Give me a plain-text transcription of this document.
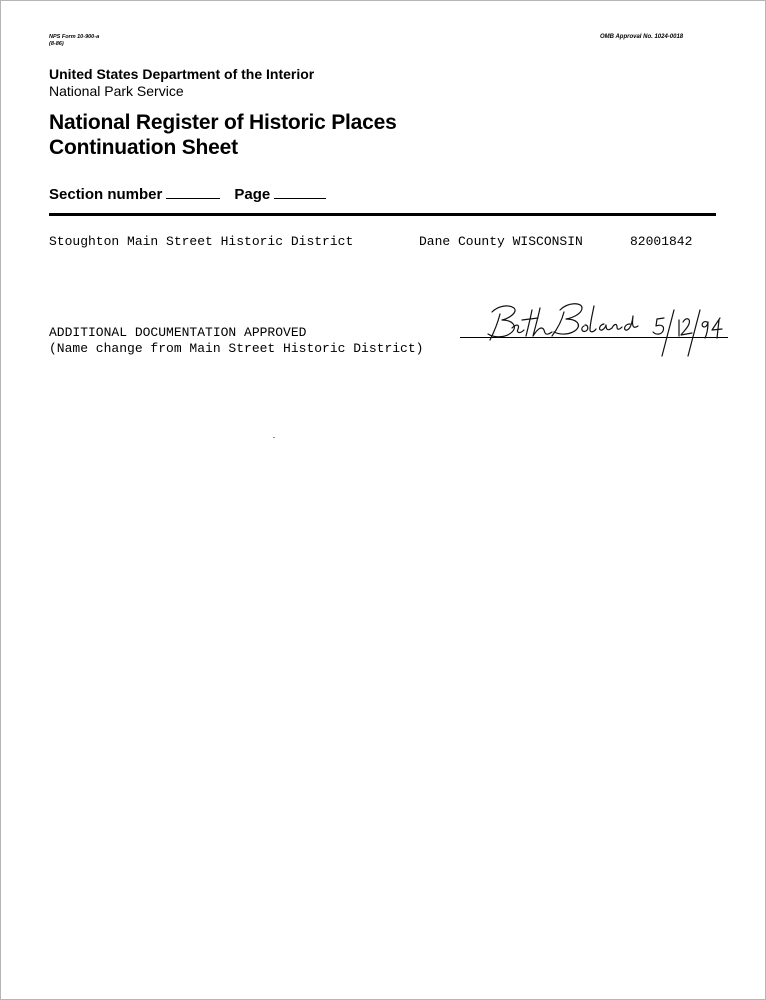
NPS Form 10-900-a
(8-86)
OMB Approval No. 1024-0018
United States Department of the Interior
National Park Service
National Register of Historic Places
Continuation Sheet
Section number	Page
Stoughton Main Street Historic District	Dane County WISCONSIN	82001842
ADDITIONAL DOCUMENTATION APPROVED
(Name change from Main Street Historic District)
